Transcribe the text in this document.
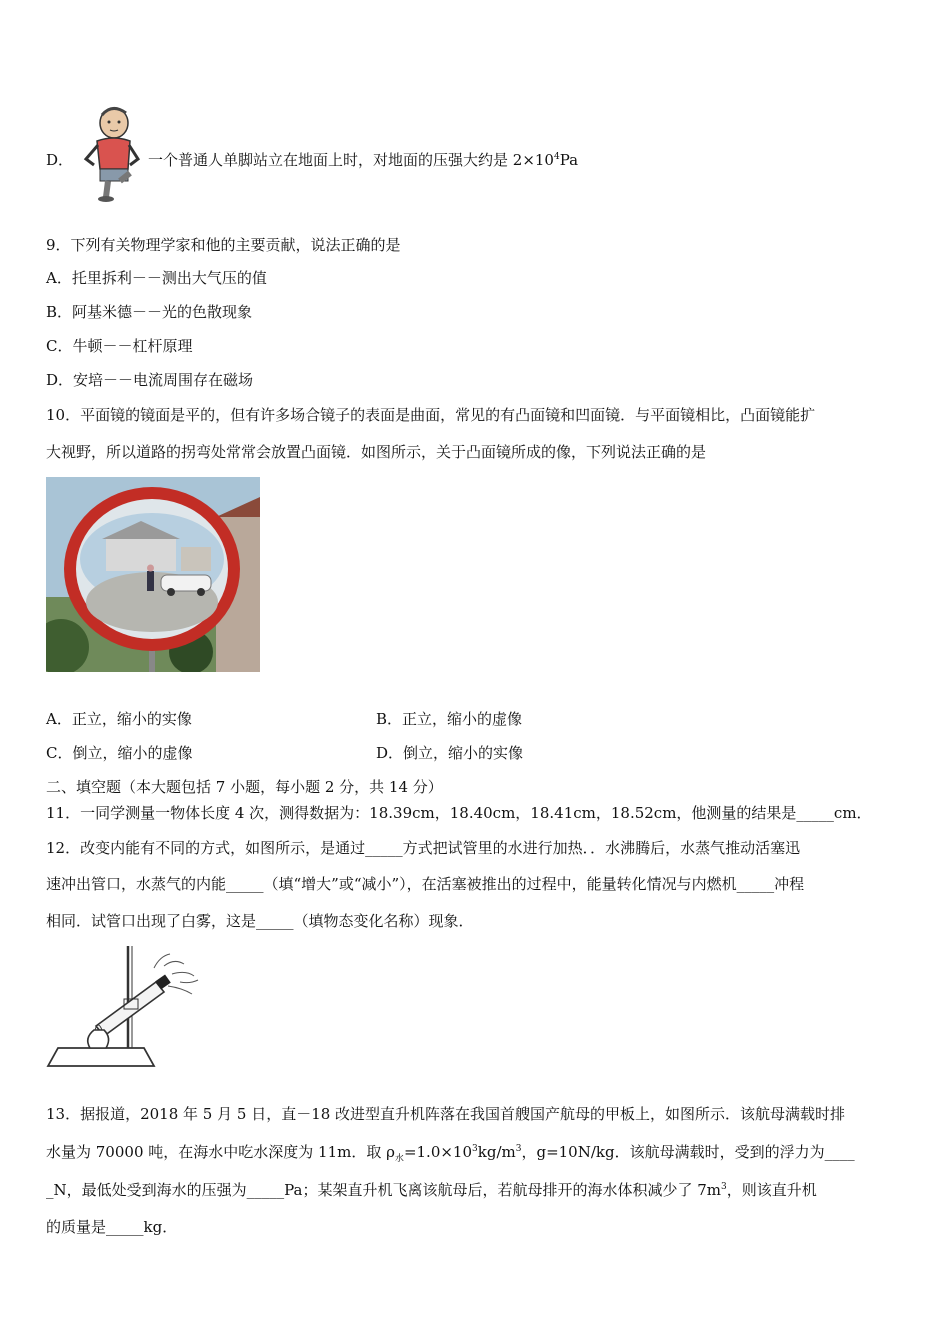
D．	一个普通人单脚站立在地面上时，对地面的压强大约是 $2\times 10^4Pa$
9．下列有关物理学家和他的主要贡献，说法正确的是
A．托里拆利－－测出大气压的值
B．阿基米德－－光的色散现象
C．牛顿－－杠杆原理
D．安培－－电流周围存在磁场
10．平面镜的镜面是平的，但有许多场合镜子的表面是曲面，常见的有凸面镜和凹面镜．与平面镜相比，凸面镜能扩
大视野，所以道路的拐弯处常常会放置凸面镜．如图所示，关于凸面镜所成的像，下列说法正确的是
A．正立，缩小的实像	B．正立，缩小的虚像
C．倒立，缩小的虚像	D．倒立，缩小的实像
二、填空题（本大题包括 7 小题，每小题 2 分，共 14 分）
11．一同学测量一物体长度 4 次，测得数据为：18.39cm，18.40cm，18.41cm，18.52cm，他测量的结果是_____cm．
12．改变内能有不同的方式，如图所示，是通过_____方式把试管里的水进行加热．．水沸腾后，水蒸气推动活塞迅
速冲出管口，水蒸气的内能_____（填“增大”或“减小”），在活塞被推出的过程中，能量转化情况与内燃机_____冲程
相同．试管口出现了白雾，这是_____（填物态变化名称）现象．
13．据报道，2018 年 5 月 5 日，直－18 改进型直升机阵落在我国首艘国产航母的甲板上，如图所示．该航母满载时排
水量为 70000 吨，在海水中吃水深度为 11m．取 $\rho_水=1.0\times 10^3kg/m^3$，g=10N/kg．该航母满载时，受到的浮力为____
_N，最低处受到海水的压强为_____Pa；某架直升机飞离该航母后，若航母排开的海水体积减少了 $7m^3$，则该直升机
的质量是_____kg．
